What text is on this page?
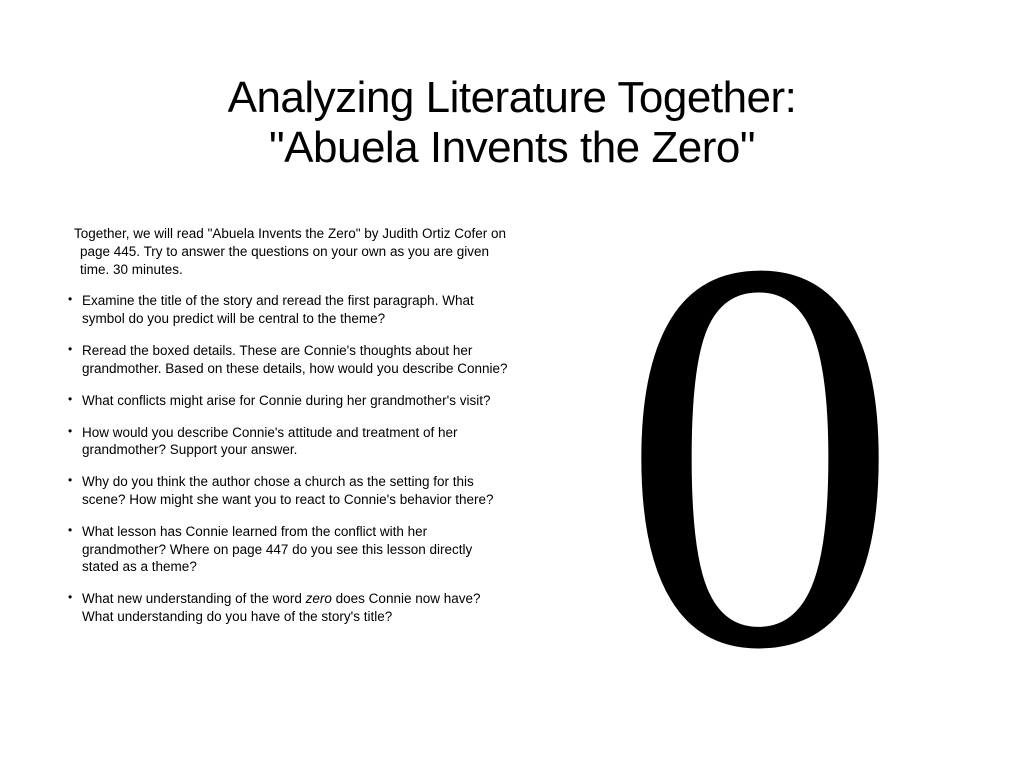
Analyzing Literature Together:
"Abuela Invents the Zero"

Together, we will read "Abuela Invents the Zero" by Judith Ortiz Cofer on page 445. Try to answer the questions on your own as you are given time. 30 minutes.

• Examine the title of the story and reread the first paragraph. What symbol do you predict will be central to the theme?
• Reread the boxed details. These are Connie's thoughts about her grandmother. Based on these details, how would you describe Connie?
• What conflicts might arise for Connie during her grandmother's visit?
• How would you describe Connie's attitude and treatment of her grandmother? Support your answer.
• Why do you think the author chose a church as the setting for this scene? How might she want you to react to Connie's behavior there?
• What lesson has Connie learned from the conflict with her grandmother? Where on page 447 do you see this lesson directly stated as a theme?
• What new understanding of the word zero does Connie now have? What understanding do you have of the story's title? 0
